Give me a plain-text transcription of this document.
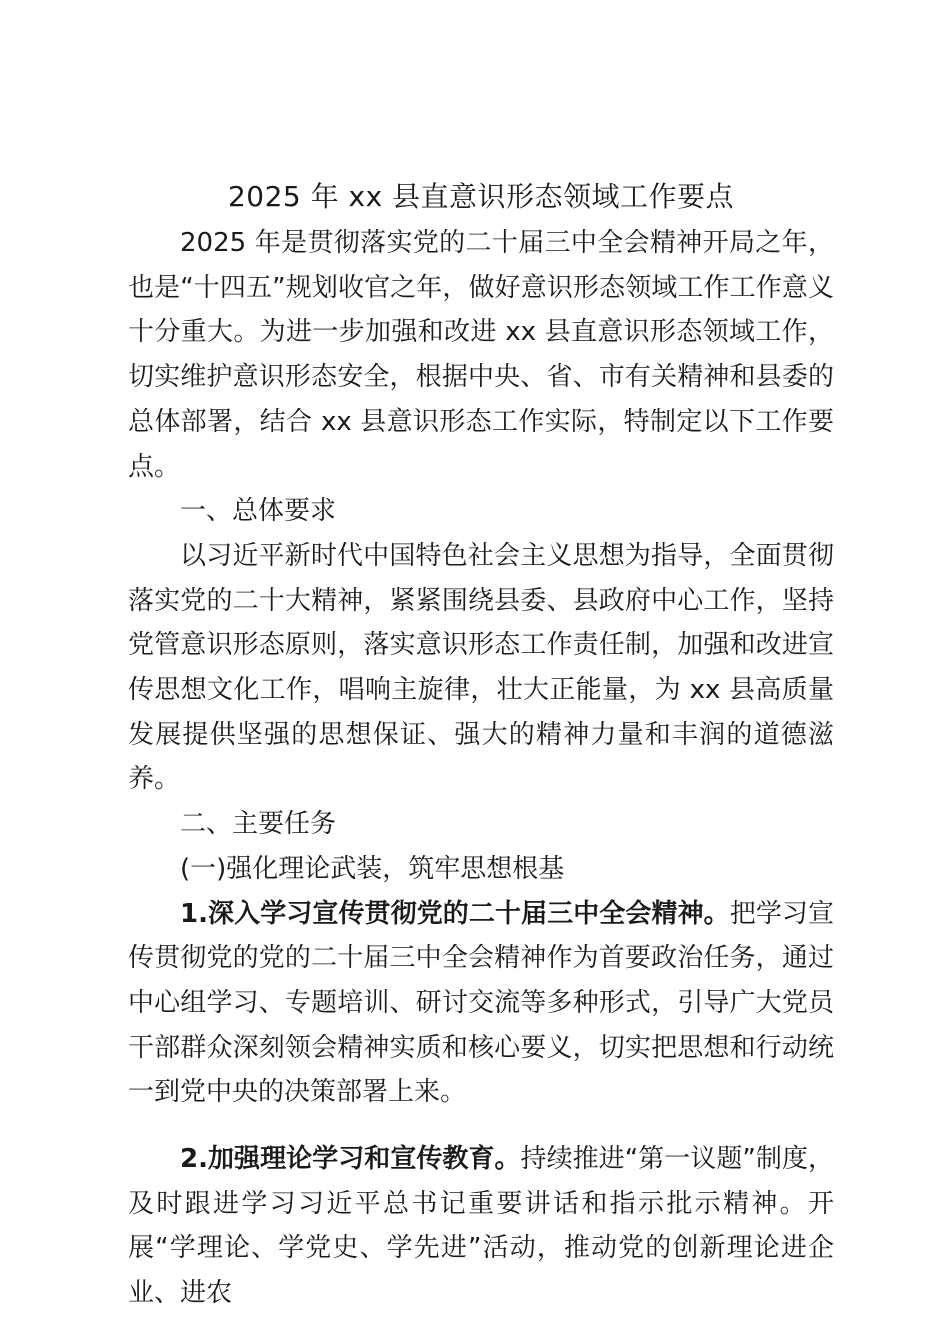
2025 年 xx 县直意识形态领域工作要点

2025 年是贯彻落实党的二十届三中全会精神开局之年，也是“十四五”规划收官之年，做好意识形态领域工作工作意义十分重大。为进一步加强和改进 xx 县直意识形态领域工作，切实维护意识形态安全，根据中央、省、市有关精神和县委的总体部署，结合 xx 县意识形态工作实际，特制定以下工作要点。

一、总体要求

以习近平新时代中国特色社会主义思想为指导，全面贯彻落实党的二十大精神，紧紧围绕县委、县政府中心工作，坚持党管意识形态原则，落实意识形态工作责任制，加强和改进宣传思想文化工作，唱响主旋律，壮大正能量，为 xx 县高质量发展提供坚强的思想保证、强大的精神力量和丰润的道德滋养。

二、主要任务

(一)强化理论武装，筑牢思想根基

1.深入学习宣传贯彻党的二十届三中全会精神。把学习宣传贯彻党的党的二十届三中全会精神作为首要政治任务，通过中心组学习、专题培训、研讨交流等多种形式，引导广大党员干部群众深刻领会精神实质和核心要义，切实把思想和行动统一到党中央的决策部署上来。

2.加强理论学习和宣传教育。持续推进“第一议题”制度，及时跟进学习习近平总书记重要讲话和指示批示精神。开展“学理论、学党史、学先进”活动，推动党的创新理论进企业、进农
